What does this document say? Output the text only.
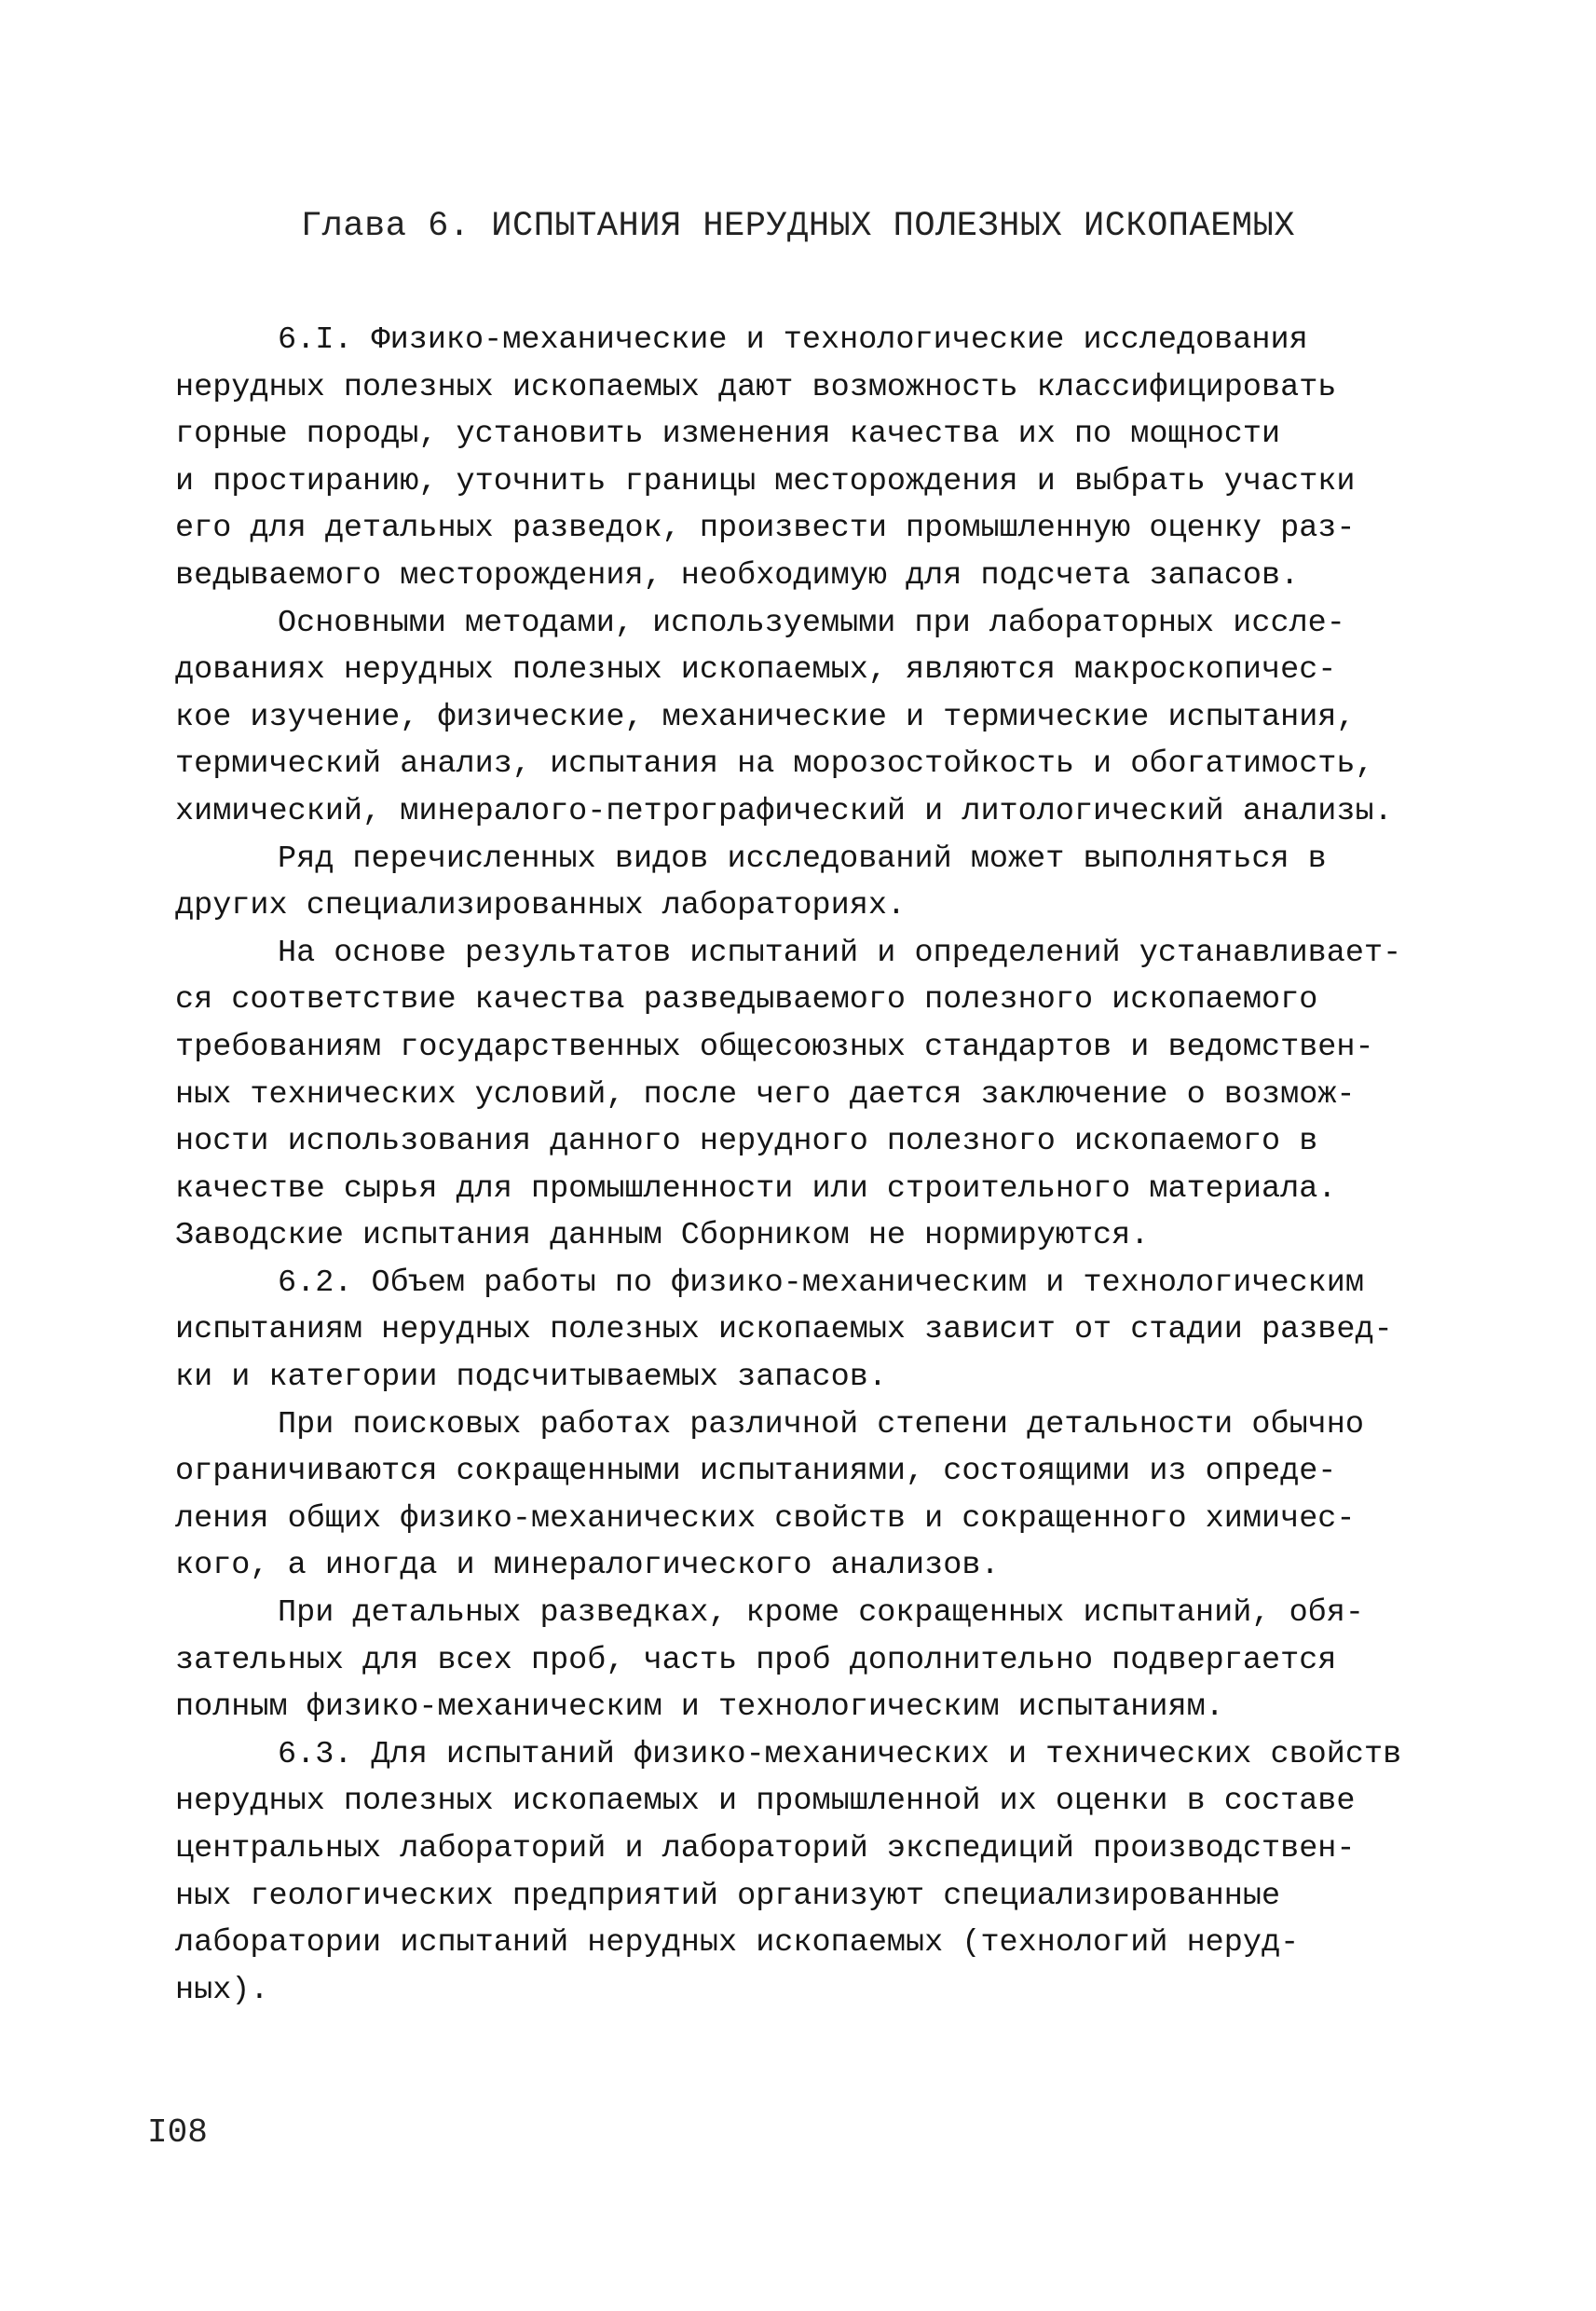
Глава 6. ИСПЫТАНИЯ НЕРУДНЫХ ПОЛЕЗНЫХ ИСКОПАЕМЫХ
6.I. Физико-механические и технологические исследования
нерудных полезных ископаемых дают возможность классифицировать
горные породы, установить изменения качества их по мощности
и простиранию, уточнить границы месторождения и выбрать участки
его для детальных разведок, произвести промышленную оценку раз-
ведываемого месторождения, необходимую для подсчета запасов.
Основными методами, используемыми при лабораторных иссле-
дованиях нерудных полезных ископаемых, являются макроскопичес-
кое изучение, физические, механические и термические испытания,
термический анализ, испытания на морозостойкость и обогатимость,
химический, минералого-петрографический и литологический анализы.
Ряд перечисленных видов исследований может выполняться в
других специализированных лабораториях.
На основе результатов испытаний и определений устанавливает-
ся соответствие качества разведываемого полезного ископаемого
требованиям государственных общесоюзных стандартов и ведомствен-
ных технических условий, после чего дается заключение о возмож-
ности использования данного нерудного полезного ископаемого в
качестве сырья для промышленности или строительного материала.
Заводские испытания данным Сборником не нормируются.
6.2. Объем работы по физико-механическим и технологическим
испытаниям нерудных полезных ископаемых зависит от стадии развед-
ки и категории подсчитываемых запасов.
При поисковых работах различной степени детальности обычно
ограничиваются сокращенными испытаниями, состоящими из опреде-
ления общих физико-механических свойств и сокращенного химичес-
кого, а иногда и минералогического анализов.
При детальных разведках, кроме сокращенных испытаний, обя-
зательных для всех проб, часть проб дополнительно подвергается
полным физико-механическим и технологическим испытаниям.
6.3. Для испытаний физико-механических и технических свойств
нерудных полезных ископаемых и промышленной их оценки в составе
центральных лабораторий и лабораторий экспедиций производствен-
ных геологических предприятий организуют специализированные
лаборатории испытаний нерудных ископаемых (технологий неруд-
ных).
I08
